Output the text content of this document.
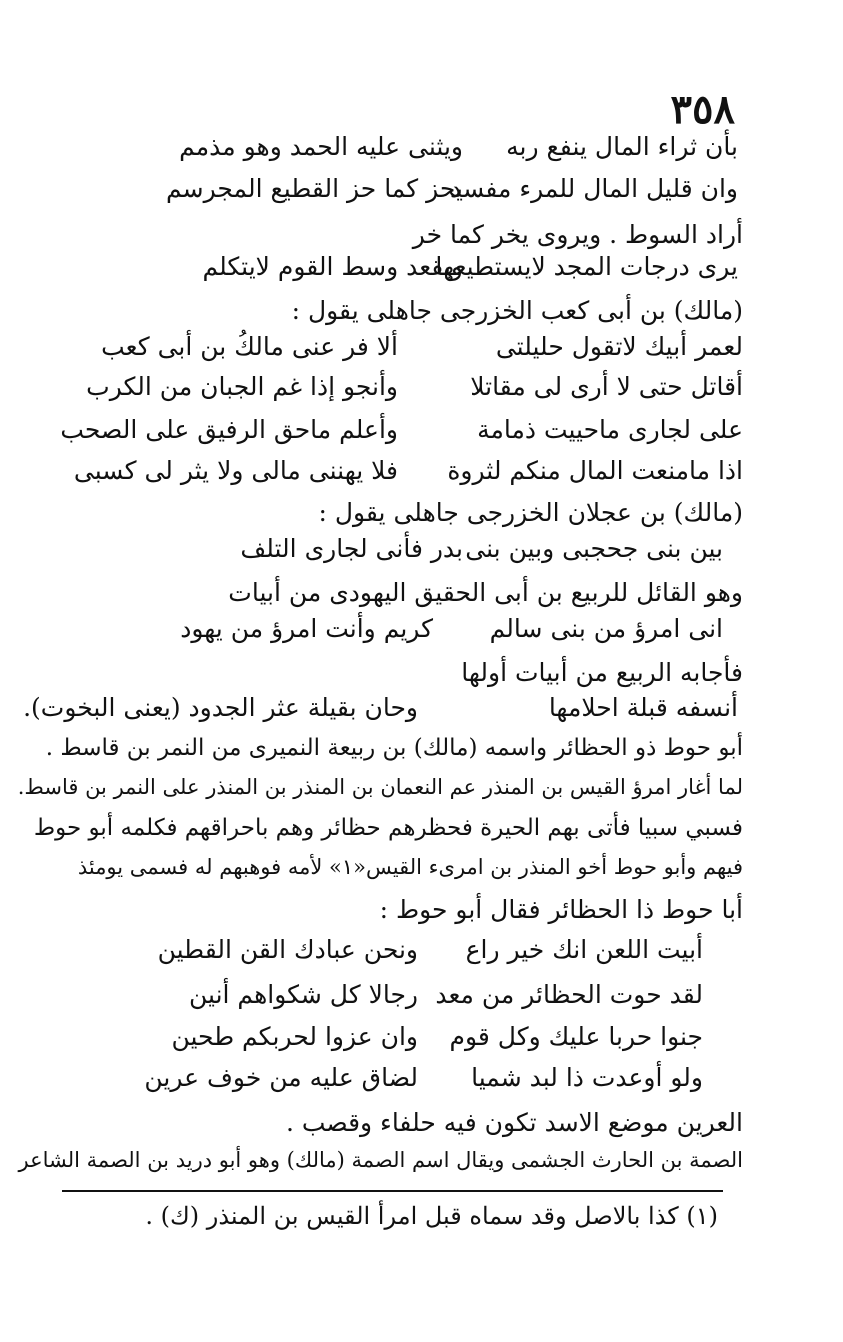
٣٥٨
بأن ثراء المال ينفع ربه
ويثنى عليه الحمد وهو مذمم
وان قليل المال للمرء مفسد
يحز كما حز القطيع المجرسم
أراد السوط . ويروى يخر كما خر
يرى درجات المجد لايستطيعها
ويقعد وسط القوم لايتكلم
(مالك) بن أبى كعب الخزرجى جاهلى يقول :
لعمر أبيك لاتقول حليلتى
ألا فر عنى مالكُ بن أبى كعب
أقاتل حتى لا أرى لى مقاتلا
وأنجو إذا غم الجبان من الكرب
على لجارى ماحييت ذمامة
وأعلم ماحق الرفيق على الصحب
اذا مامنعت المال منكم لثروة
فلا يهننى مالى ولا يثر لى كسبى
(مالك) بن عجلان الخزرجى جاهلى يقول :
بين بنى جحجبى وبين بنى
بدر فأنى لجارى التلف
وهو القائل للربيع بن أبى الحقيق اليهودى من أبيات
انى امرؤ من بنى سالم
كريم وأنت امرؤ من يهود
فأجابه الربيع من أبيات أولها
أنسفه قبلة احلامها
وحان بقيلة عثر الجدود (يعنى البخوت).
أبو حوط ذو الحظائر واسمه (مالك) بن ربيعة النميرى من النمر بن قاسط .
لما أغار امرؤ القيس بن المنذر عم النعمان بن المنذر بن المنذر على النمر بن قاسط.
فسبي سبيا فأتى بهم الحيرة فحظرهم حظائر وهم باحراقهم فكلمه أبو حوط
فيهم وأبو حوط أخو المنذر بن امرىء القيس«١» لأمه فوهبهم له فسمى يومئذ
أبا حوط ذا الحظائر فقال أبو حوط :
أبيت اللعن انك خير راع
ونحن عبادك القن القطين
لقد حوت الحظائر من معد
رجالا كل شكواهم أنين
جنوا حربا عليك وكل قوم
وان عزوا لحربكم طحين
ولو أوعدت ذا لبد شميا
لضاق عليه من خوف عرين
العرين موضع الاسد تكون فيه حلفاء وقصب .
الصمة بن الحارث الجشمى ويقال اسم الصمة (مالك) وهو أبو دريد بن الصمة الشاعر
(١) كذا بالاصل وقد سماه قبل امرأ القيس بن المنذر (ك) .
